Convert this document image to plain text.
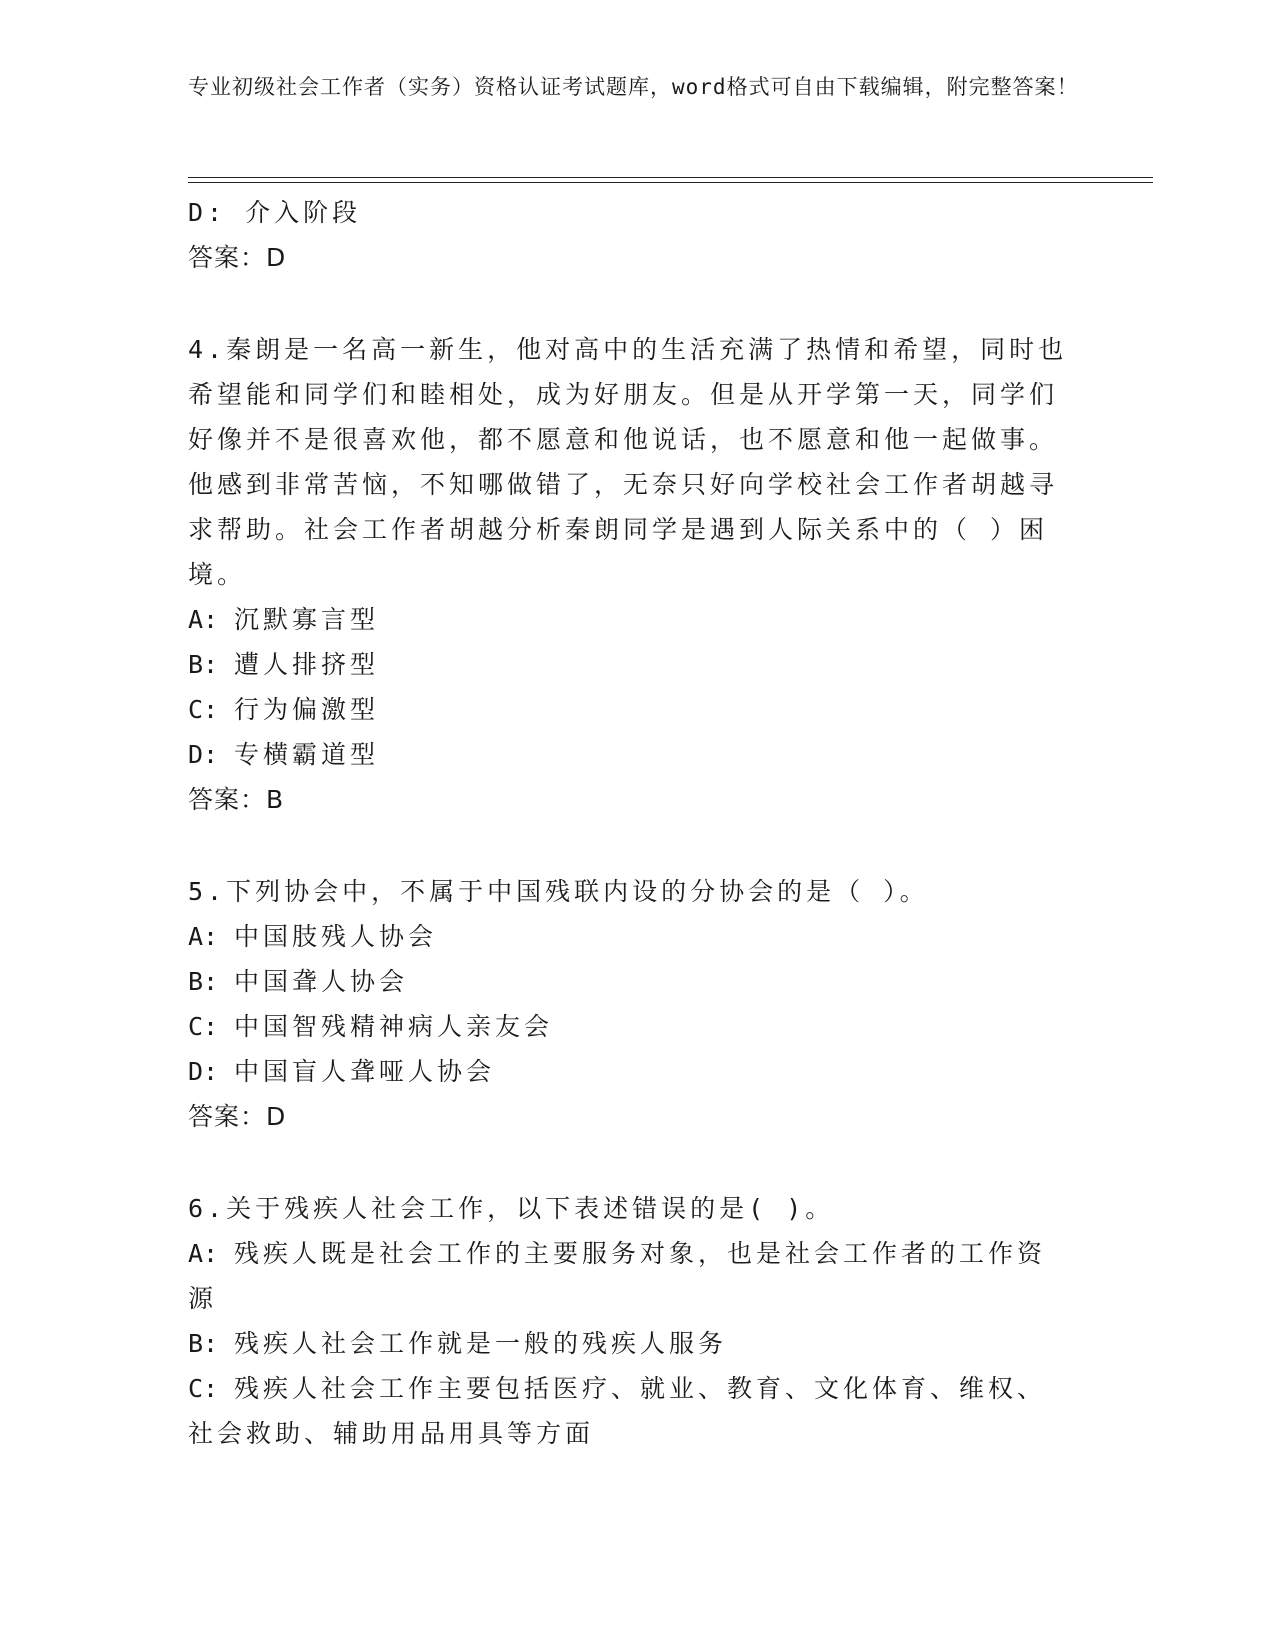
专业初级社会工作者（实务）资格认证考试题库，word格式可自由下载编辑，附完整答案！
D: 介入阶段
答案：D
4.秦朗是一名高一新生，他对高中的生活充满了热情和希望，同时也希望能和同学们和睦相处，成为好朋友。但是从开学第一天，同学们好像并不是很喜欢他，都不愿意和他说话，也不愿意和他一起做事。他感到非常苦恼，不知哪做错了，无奈只好向学校社会工作者胡越寻求帮助。社会工作者胡越分析秦朗同学是遇到人际关系中的（ ）困境。
A: 沉默寡言型
B: 遭人排挤型
C: 行为偏激型
D: 专横霸道型
答案：B
5.下列协会中，不属于中国残联内设的分协会的是（ ）。
A: 中国肢残人协会
B: 中国聋人协会
C: 中国智残精神病人亲友会
D: 中国盲人聋哑人协会
答案：D
6.关于残疾人社会工作，以下表述错误的是( )。
A: 残疾人既是社会工作的主要服务对象，也是社会工作者的工作资源
B: 残疾人社会工作就是一般的残疾人服务
C: 残疾人社会工作主要包括医疗、就业、教育、文化体育、维权、社会救助、辅助用品用具等方面
